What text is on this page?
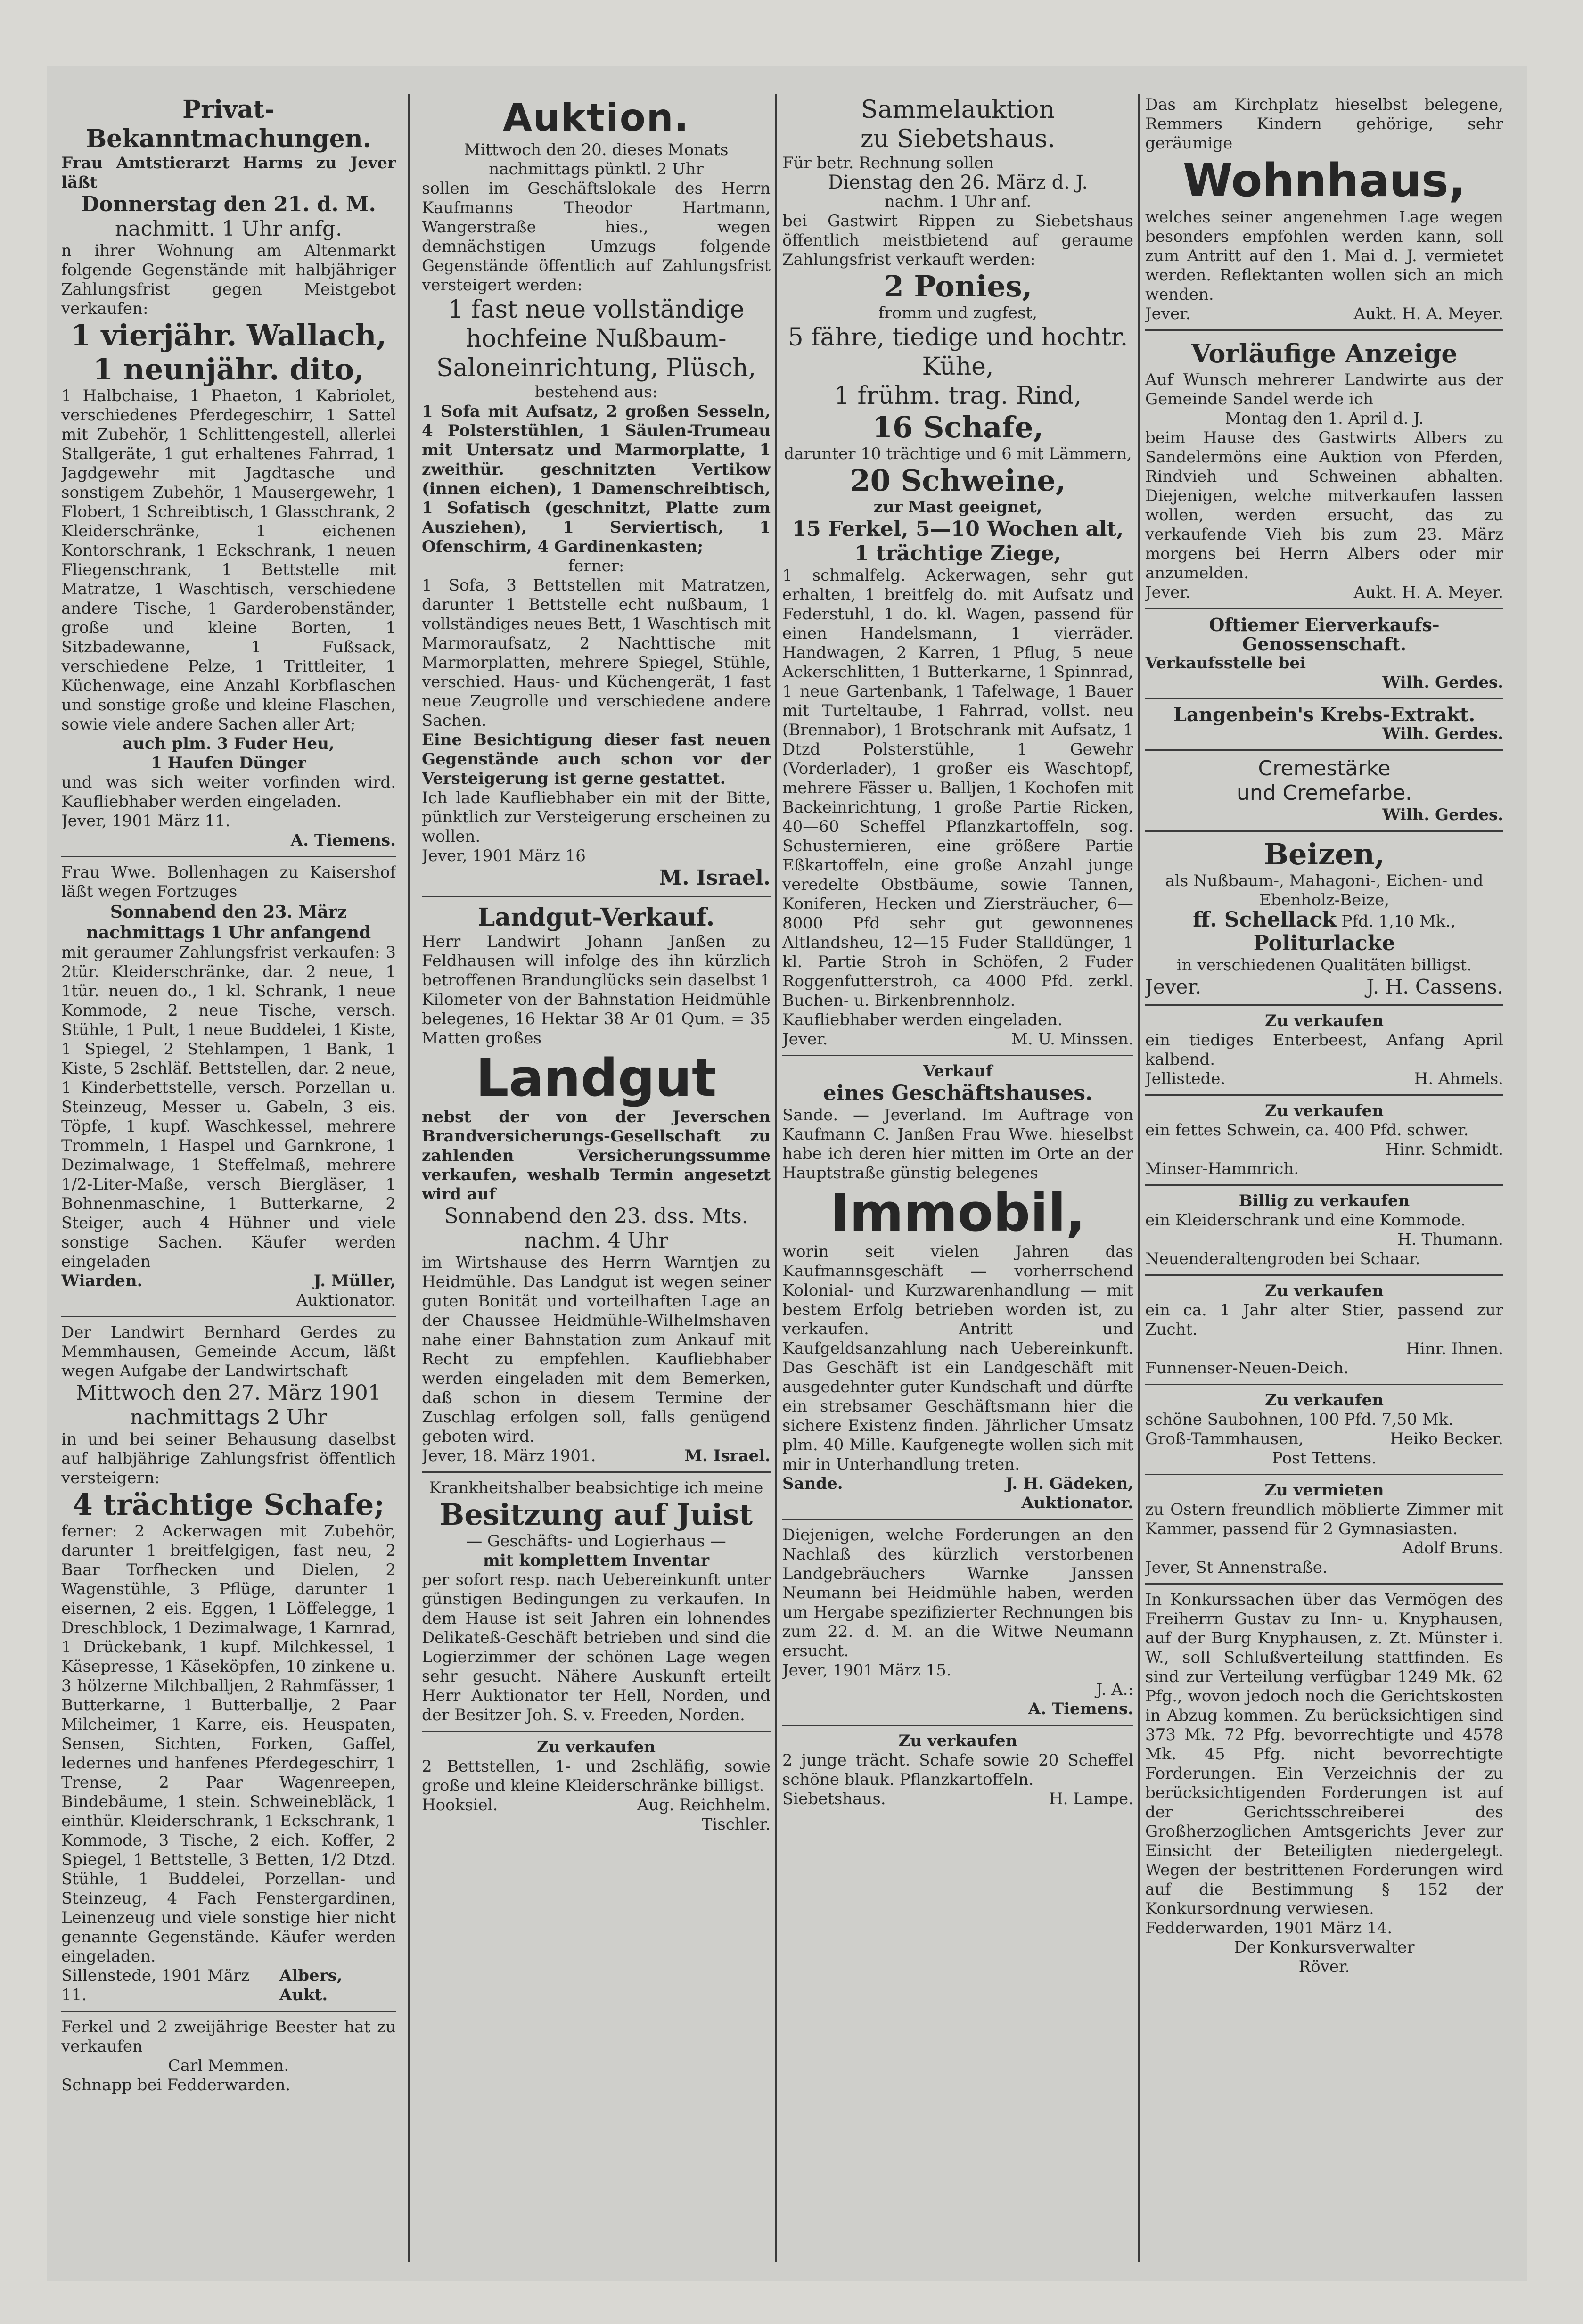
Privat-Bekanntmachungen.

Frau Amtstierarzt Harms zu Jever läßt

Donnerstag den 21. d. M.
nachmitt. 1 Uhr anfg.

n ihrer Wohnung am Altenmarkt folgende Gegenstände mit halbjähriger Zahlungsfrist gegen Meistgebot verkaufen:

1 vierjähr. Wallach,
1 neunjähr. dito,

1 Halbchaise, 1 Phaeton, 1 Kabriolet, verschiedenes Pferdegeschirr, 1 Sattel mit Zubehör, 1 Schlittengestell, allerlei Stallgeräte, 1 gut erhaltenes Fahrrad, 1 Jagdgewehr mit Jagdtasche und sonstigem Zubehör, 1 Mausergewehr, 1 Flobert, 1 Schreibtisch, 1 Glasschrank, 2 Kleiderschränke, 1 eichenen Kontorschrank, 1 Eckschrank, 1 neuen Fliegenschrank, 1 Bettstelle mit Matratze, 1 Waschtisch, verschiedene andere Tische, 1 Garderobenständer, große und kleine Borten, 1 Sitzbadewanne, 1 Fußsack, verschiedene Pelze, 1 Trittleiter, 1 Küchenwage, eine Anzahl Korbflaschen und sonstige große und kleine Flaschen, sowie viele andere Sachen aller Art;

auch plm. 3 Fuder Heu,
1 Haufen Dünger

und was sich weiter vorfinden wird. Kaufliebhaber werden eingeladen.

Jever, 1901 März 11.

A. Tiemens.

Frau Wwe. Bollenhagen zu Kaisershof läßt wegen Fortzuges

Sonnabend den 23. März
nachmittags 1 Uhr anfangend

mit geraumer Zahlungsfrist verkaufen: 3 2tür. Kleiderschränke, dar. 2 neue, 1 1tür. neuen do., 1 kl. Schrank, 1 neue Kommode, 2 neue Tische, versch. Stühle, 1 Pult, 1 neue Buddelei, 1 Kiste, 1 Spiegel, 2 Stehlampen, 1 Bank, 1 Kiste, 5 2schläf. Bettstellen, dar. 2 neue, 1 Kinderbettstelle, versch. Porzellan u. Steinzeug, Messer u. Gabeln, 3 eis. Töpfe, 1 kupf. Waschkessel, mehrere Trommeln, 1 Haspel und Garnkrone, 1 Dezimalwage, 1 Steffelmaß, mehrere 1/2-Liter-Maße, versch Biergläser, 1 Bohnenmaschine, 1 Butterkarne, 2 Steiger, auch 4 Hühner und viele sonstige Sachen. Käufer werden eingeladen

Wiarden.	J. Müller,
Auktionator.

Der Landwirt Bernhard Gerdes zu Memmhausen, Gemeinde Accum, läßt wegen Aufgabe der Landwirtschaft

Mittwoch den 27. März 1901
nachmittags 2 Uhr

in und bei seiner Behausung daselbst auf halbjährige Zahlungsfrist öffentlich versteigern:

4 trächtige Schafe;

ferner: 2 Ackerwagen mit Zubehör, darunter 1 breitfelgigen, fast neu, 2 Baar Torfhecken und Dielen, 2 Wagenstühle, 3 Pflüge, darunter 1 eisernen, 2 eis. Eggen, 1 Löffelegge, 1 Dreschblock, 1 Dezimalwage, 1 Karnrad, 1 Drückebank, 1 kupf. Milchkessel, 1 Käsepresse, 1 Käseköpfen, 10 zinkene u. 3 hölzerne Milchballjen, 2 Rahmfässer, 1 Butterkarne, 1 Butterballje, 2 Paar Milcheimer, 1 Karre, eis. Heuspaten, Sensen, Sichten, Forken, Gaffel, ledernes und hanfenes Pferdegeschirr, 1 Trense, 2 Paar Wagenreepen, Bindebäume, 1 stein. Schweinebläck, 1 einthür. Kleiderschrank, 1 Eckschrank, 1 Kommode, 3 Tische, 2 eich. Koffer, 2 Spiegel, 1 Bettstelle, 3 Betten, 1/2 Dtzd. Stühle, 1 Buddelei, Porzellan- und Steinzeug, 4 Fach Fenstergardinen, Leinenzeug und viele sonstige hier nicht genannte Gegenstände. Käufer werden eingeladen.

Sillenstede, 1901 März 11.
Albers, Aukt.

Ferkel und 2 zweijährige Beester hat zu verkaufen

Carl Memmen.

Schnapp bei Fedderwarden.

Auktion.
Mittwoch den 20. dieses Monats
nachmittags pünktl. 2 Uhr

sollen im Geschäftslokale des Herrn Kaufmanns Theodor Hartmann, Wangerstraße hies., wegen demnächstigen Umzugs folgende Gegenstände öffentlich auf Zahlungsfrist versteigert werden:

1 fast neue vollständige hochfeine Nußbaum-Saloneinrichtung, Plüsch,
bestehend aus:

1 Sofa mit Aufsatz, 2 großen Sesseln, 4 Polsterstühlen, 1 Säulen-Trumeau mit Untersatz und Marmorplatte, 1 zweithür. geschnitzten Vertikow (innen eichen), 1 Damenschreibtisch, 1 Sofatisch (geschnitzt, Platte zum Ausziehen), 1 Serviertisch, 1 Ofenschirm, 4 Gardinenkasten;

ferner:

1 Sofa, 3 Bettstellen mit Matratzen, darunter 1 Bettstelle echt nußbaum, 1 vollständiges neues Bett, 1 Waschtisch mit Marmoraufsatz, 2 Nachttische mit Marmorplatten, mehrere Spiegel, Stühle, verschied. Haus- und Küchengerät, 1 fast neue Zeugrolle und verschiedene andere Sachen.

Eine Besichtigung dieser fast neuen Gegenstände auch schon vor der Versteigerung ist gerne gestattet.

Ich lade Kaufliebhaber ein mit der Bitte, pünktlich zur Versteigerung erscheinen zu wollen.

Jever, 1901 März 16

M. Israel.
Landgut-Verkauf.

Herr Landwirt Johann Janßen zu Feldhausen will infolge des ihn kürzlich betroffenen Brandunglücks sein daselbst 1 Kilometer von der Bahnstation Heidmühle belegenes, 16 Hektar 38 Ar 01 Qum. = 35 Matten großes

Landgut

nebst der von der Jeverschen Brandversicherungs-Gesellschaft zu zahlenden Versicherungssumme verkaufen, weshalb Termin angesetzt wird auf

Sonnabend den 23. dss. Mts.
nachm. 4 Uhr

im Wirtshause des Herrn Warntjen zu Heidmühle. Das Landgut ist wegen seiner guten Bonität und vorteilhaften Lage an der Chaussee Heidmühle-Wilhelmshaven nahe einer Bahnstation zum Ankauf mit Recht zu empfehlen. Kaufliebhaber werden eingeladen mit dem Bemerken, daß schon in diesem Termine der Zuschlag erfolgen soll, falls genügend geboten wird.

Jever, 18. März 1901.	M. Israel.
Krankheitshalber beabsichtige ich meine
Besitzung auf Juist
— Geschäfts- und Logierhaus —
mit komplettem Inventar

per sofort resp. nach Uebereinkunft unter günstigen Bedingungen zu verkaufen. In dem Hause ist seit Jahren ein lohnendes Delikateß-Geschäft betrieben und sind die Logierzimmer der schönen Lage wegen sehr gesucht. Nähere Auskunft erteilt Herr Auktionator ter Hell, Norden, und der Besitzer Joh. S. v. Freeden, Norden.

Zu verkaufen

2 Bettstellen, 1- und 2schläfig, sowie große und kleine Kleiderschränke billigst.

Hooksiel.	Aug. Reichhelm.
Tischler.
Sammelauktion
zu Siebetshaus.

Für betr. Rechnung sollen

Dienstag den 26. März d. J.
nachm. 1 Uhr anf.

bei Gastwirt Rippen zu Siebetshaus öffentlich meistbietend auf geraume Zahlungsfrist verkauft werden:

2 Ponies,
fromm und zugfest,
5 fähre, tiedige und hochtr. Kühe,
1 frühm. trag. Rind,
16 Schafe,
darunter 10 trächtige und 6 mit Lämmern,
20 Schweine,
zur Mast geeignet,
15 Ferkel, 5—10 Wochen alt,
1 trächtige Ziege,

1 schmalfelg. Ackerwagen, sehr gut erhalten, 1 breitfelg do. mit Aufsatz und Federstuhl, 1 do. kl. Wagen, passend für einen Handelsmann, 1 vierräder. Handwagen, 2 Karren, 1 Pflug, 5 neue Ackerschlitten, 1 Butterkarne, 1 Spinnrad, 1 neue Gartenbank, 1 Tafelwage, 1 Bauer mit Turteltaube, 1 Fahrrad, vollst. neu (Brennabor), 1 Brotschrank mit Aufsatz, 1 Dtzd Polsterstühle, 1 Gewehr (Vorderlader), 1 großer eis Waschtopf, mehrere Fässer u. Balljen, 1 Kochofen mit Backeinrichtung, 1 große Partie Ricken, 40—60 Scheffel Pflanzkartoffeln, sog. Schusternieren, eine größere Partie Eßkartoffeln, eine große Anzahl junge veredelte Obstbäume, sowie Tannen, Koniferen, Hecken und Ziersträucher, 6—8000 Pfd sehr gut gewonnenes Altlandsheu, 12—15 Fuder Stalldünger, 1 kl. Partie Stroh in Schöfen, 2 Fuder Roggenfutterstroh, ca 4000 Pfd. zerkl. Buchen- u. Birkenbrennholz.

Kaufliebhaber werden eingeladen.

Jever.	M. U. Minssen.
Verkauf
eines Geschäftshauses.

Sande. — Jeverland. Im Auftrage von Kaufmann C. Janßen Frau Wwe. hieselbst habe ich deren hier mitten im Orte an der Hauptstraße günstig belegenes

Immobil,

worin seit vielen Jahren das Kaufmannsgeschäft — vorherrschend Kolonial- und Kurzwarenhandlung — mit bestem Erfolg betrieben worden ist, zu verkaufen. Antritt und Kaufgeldsanzahlung nach Uebereinkunft. Das Geschäft ist ein Landgeschäft mit ausgedehnter guter Kundschaft und dürfte ein strebsamer Geschäftsmann hier die sichere Existenz finden. Jährlicher Umsatz plm. 40 Mille. Kaufgenegte wollen sich mit mir in Unterhandlung treten.

Sande.	J. H. Gädeken,
Auktionator.

Diejenigen, welche Forderungen an den Nachlaß des kürzlich verstorbenen Landgebräuchers Warnke Janssen Neumann bei Heidmühle haben, werden um Hergabe spezifizierter Rechnungen bis zum 22. d. M. an die Witwe Neumann ersucht.

Jever, 1901 März 15.

J. A.:
A. Tiemens.
Zu verkaufen

2 junge trächt. Schafe sowie 20 Scheffel schöne blauk. Pflanzkartoffeln.

Siebetshaus.	H. Lampe.

Das am Kirchplatz hieselbst belegene, Remmers Kindern gehörige, sehr geräumige

Wohnhaus,

welches seiner angenehmen Lage wegen besonders empfohlen werden kann, soll zum Antritt auf den 1. Mai d. J. vermietet werden. Reflektanten wollen sich an mich wenden.

Jever.	Aukt. H. A. Meyer.
Vorläufige Anzeige

Auf Wunsch mehrerer Landwirte aus der Gemeinde Sandel werde ich

Montag den 1. April d. J.

beim Hause des Gastwirts Albers zu Sandelermöns eine Auktion von Pferden, Rindvieh und Schweinen abhalten. Diejenigen, welche mitverkaufen lassen wollen, werden ersucht, das zu verkaufende Vieh bis zum 23. März morgens bei Herrn Albers oder mir anzumelden.

Jever.	Aukt. H. A. Meyer.
Oftiemer Eierverkaufs-Genossenschaft.
Verkaufsstelle bei
Wilh. Gerdes.
Langenbein's Krebs-Extrakt.
Wilh. Gerdes.
Cremestärke
und Cremefarbe.
Wilh. Gerdes.
Beizen,
als Nußbaum-, Mahagoni-, Eichen- und Ebenholz-Beize,
ff. Schellack Pfd. 1,10 Mk.,
Politurlacke
in verschiedenen Qualitäten billigst.
Jever.	J. H. Cassens.
Zu verkaufen

ein tiediges Enterbeest, Anfang April kalbend.

Jellistede.	H. Ahmels.
Zu verkaufen

ein fettes Schwein, ca. 400 Pfd. schwer.

Hinr. Schmidt.

Minser-Hammrich.

Billig zu verkaufen

ein Kleiderschrank und eine Kommode.

H. Thumann.

Neuenderaltengroden bei Schaar.

Zu verkaufen

ein ca. 1 Jahr alter Stier, passend zur Zucht.

Hinr. Ihnen.

Funnenser-Neuen-Deich.

Zu verkaufen

schöne Saubohnen, 100 Pfd. 7,50 Mk.

Groß-Tammhausen,	Heiko Becker.
Post Tettens.
Zu vermieten

zu Ostern freundlich möblierte Zimmer mit Kammer, passend für 2 Gymnasiasten.

Adolf Bruns.

Jever, St Annenstraße.

In Konkurssachen über das Vermögen des Freiherrn Gustav zu Inn- u. Knyphausen, auf der Burg Knyphausen, z. Zt. Münster i. W., soll Schlußverteilung stattfinden. Es sind zur Verteilung verfügbar 1249 Mk. 62 Pfg., wovon jedoch noch die Gerichtskosten in Abzug kommen. Zu berücksichtigen sind 373 Mk. 72 Pfg. bevorrechtigte und 4578 Mk. 45 Pfg. nicht bevorrechtigte Forderungen. Ein Verzeichnis der zu berücksichtigenden Forderungen ist auf der Gerichtsschreiberei des Großherzoglichen Amtsgerichts Jever zur Einsicht der Beteiligten niedergelegt. Wegen der bestrittenen Forderungen wird auf die Bestimmung § 152 der Konkursordnung verwiesen.

Fedderwarden, 1901 März 14.

Der Konkursverwalter
Röver.
